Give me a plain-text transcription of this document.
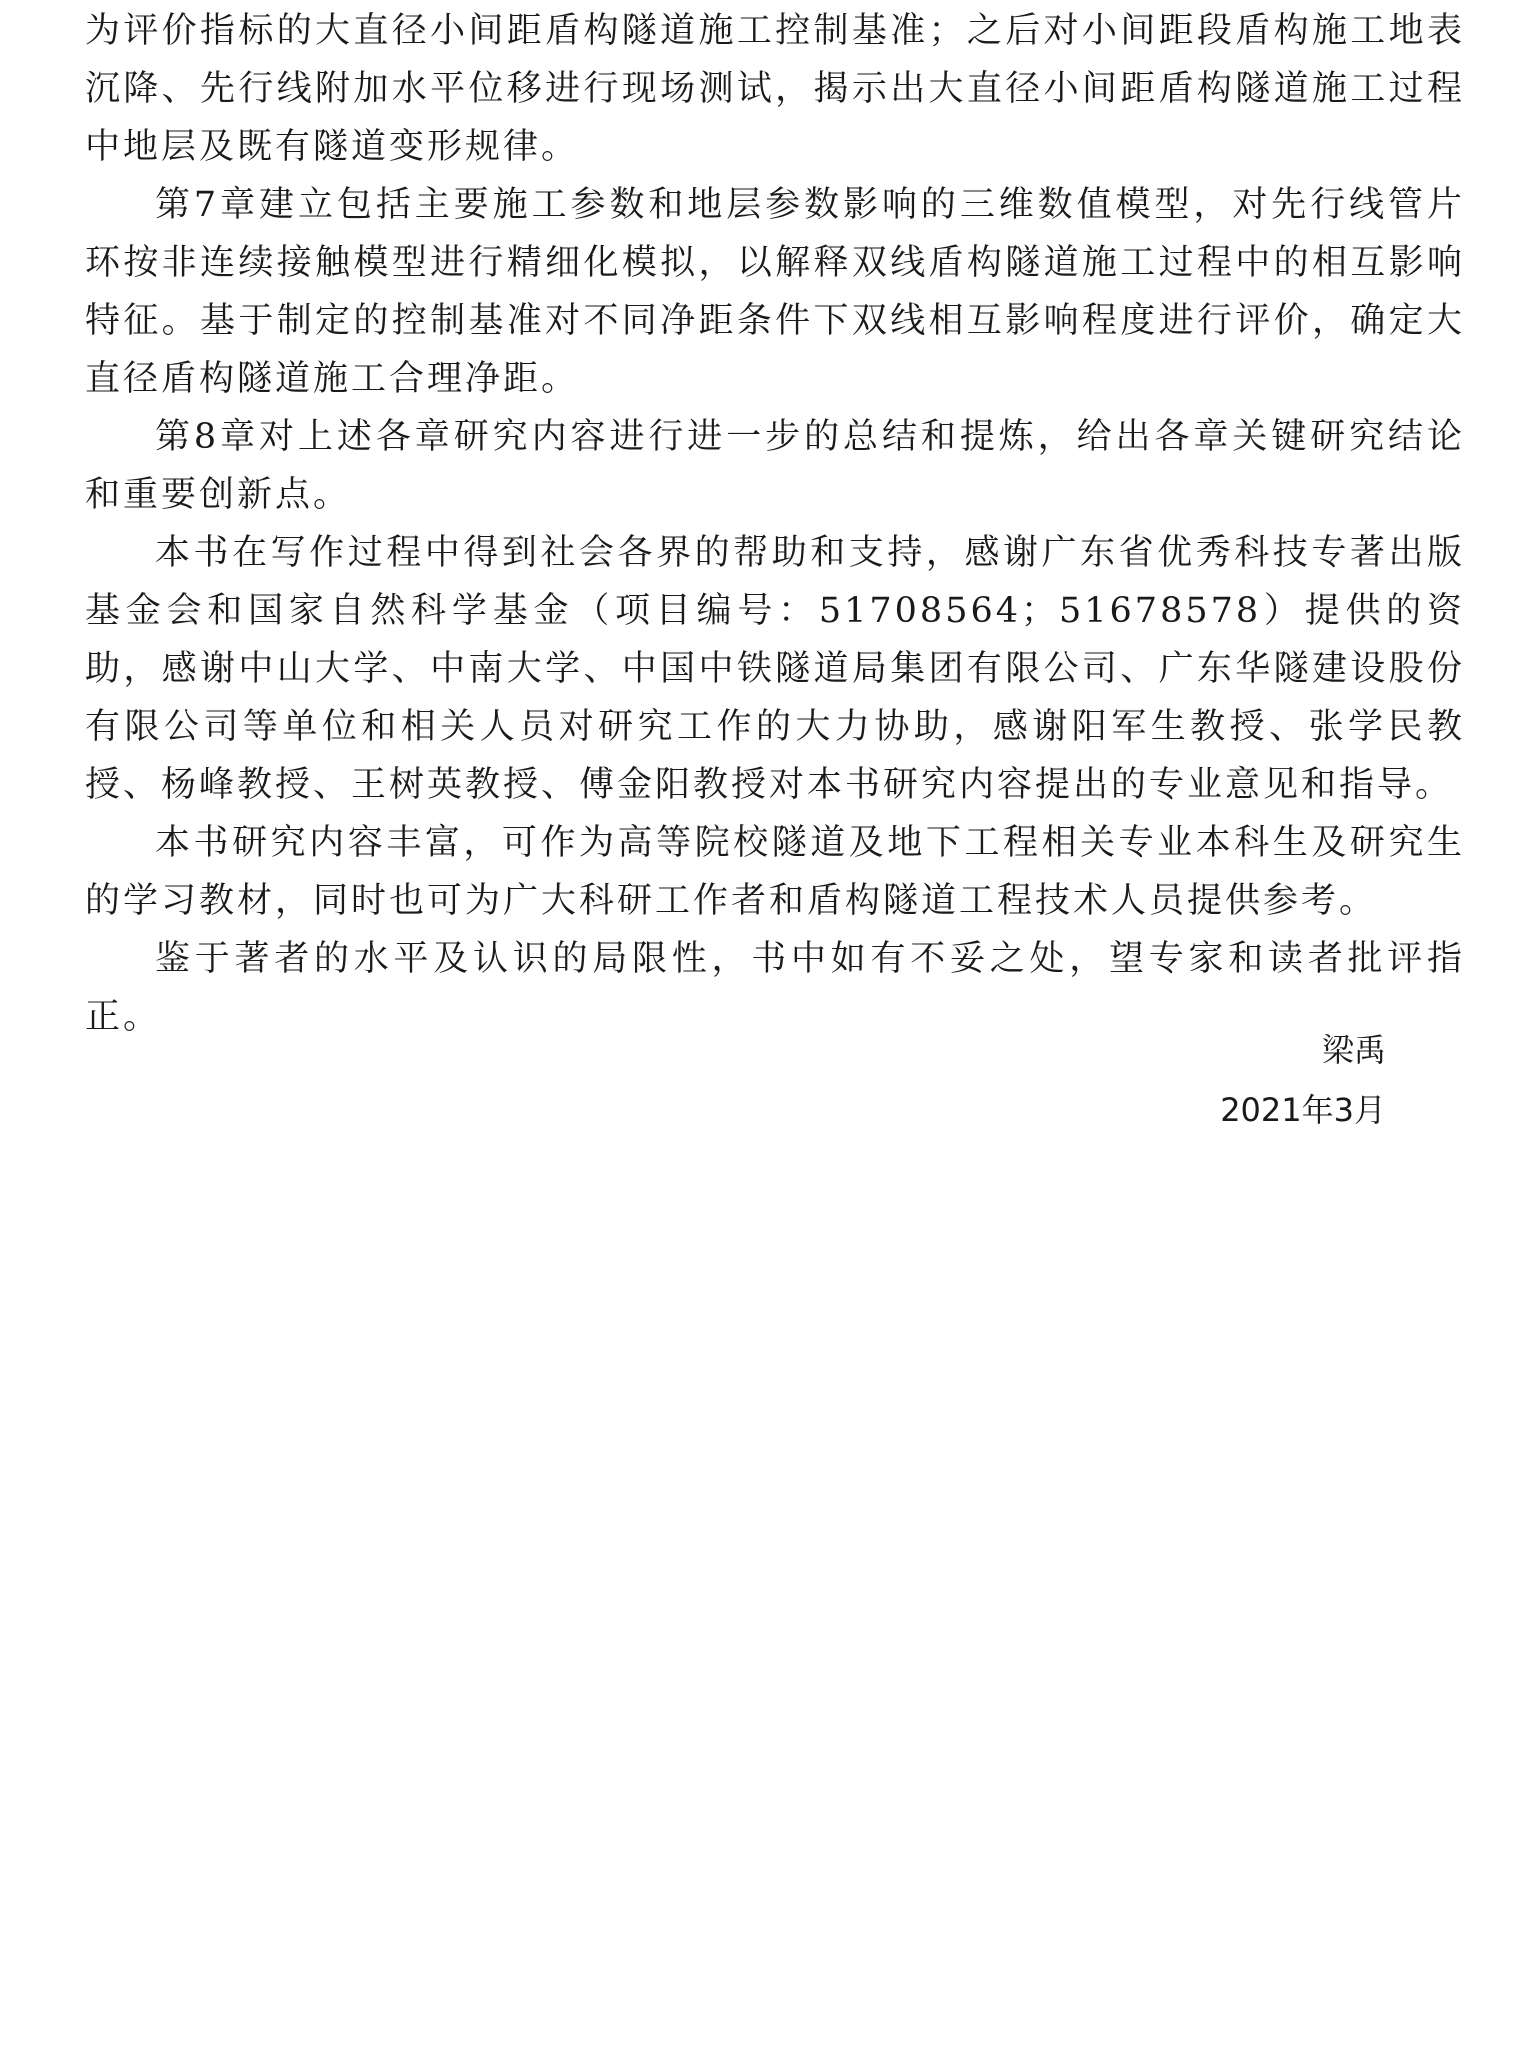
为评价指标的大直径小间距盾构隧道施工控制基准；之后对小间距段盾构施工地表沉降、先行线附加水平位移进行现场测试，揭示出大直径小间距盾构隧道施工过程中地层及既有隧道变形规律。

第7章建立包括主要施工参数和地层参数影响的三维数值模型，对先行线管片环按非连续接触模型进行精细化模拟，以解释双线盾构隧道施工过程中的相互影响特征。基于制定的控制基准对不同净距条件下双线相互影响程度进行评价，确定大直径盾构隧道施工合理净距。

第8章对上述各章研究内容进行进一步的总结和提炼，给出各章关键研究结论和重要创新点。

本书在写作过程中得到社会各界的帮助和支持，感谢广东省优秀科技专著出版基金会和国家自然科学基金（项目编号：51708564；51678578）提供的资助，感谢中山大学、中南大学、中国中铁隧道局集团有限公司、广东华隧建设股份有限公司等单位和相关人员对研究工作的大力协助，感谢阳军生教授、张学民教授、杨峰教授、王树英教授、傅金阳教授对本书研究内容提出的专业意见和指导。

本书研究内容丰富，可作为高等院校隧道及地下工程相关专业本科生及研究生的学习教材，同时也可为广大科研工作者和盾构隧道工程技术人员提供参考。

鉴于著者的水平及认识的局限性，书中如有不妥之处，望专家和读者批评指正。

梁禹
2021年3月
